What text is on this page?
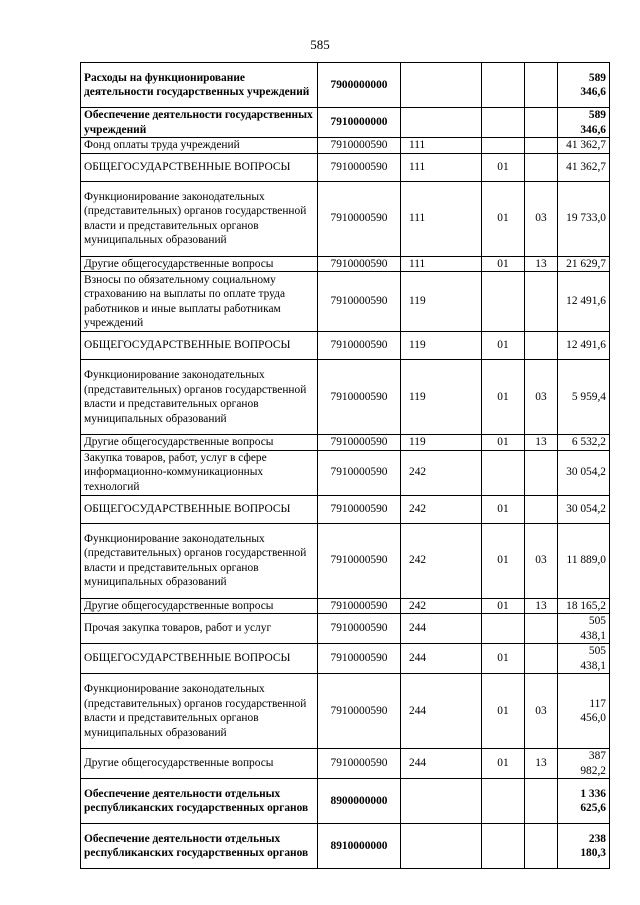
585
Расходы на функционирование деятельности государственных учреждений	7900000000				589 346,6
Обеспечение деятельности государственных учреждений	7910000000				589 346,6
Фонд оплаты труда учреждений	7910000590	111			41 362,7
ОБЩЕГОСУДАРСТВЕННЫЕ ВОПРОСЫ	7910000590	111	01		41 362,7
Функционирование законодательных (представительных) органов государственной власти и представительных органов муниципальных образований	7910000590	111	01	03	19 733,0
Другие общегосударственные вопросы	7910000590	111	01	13	21 629,7
Взносы по обязательному социальному страхованию на выплаты по оплате труда работников и иные выплаты работникам учреждений	7910000590	119			12 491,6
ОБЩЕГОСУДАРСТВЕННЫЕ ВОПРОСЫ	7910000590	119	01		12 491,6
Функционирование законодательных (представительных) органов государственной власти и представительных органов муниципальных образований	7910000590	119	01	03	5 959,4
Другие общегосударственные вопросы	7910000590	119	01	13	6 532,2
Закупка товаров, работ, услуг в сфере информационно-коммуникационных технологий	7910000590	242			30 054,2
ОБЩЕГОСУДАРСТВЕННЫЕ ВОПРОСЫ	7910000590	242	01		30 054,2
Функционирование законодательных (представительных) органов государственной власти и представительных органов муниципальных образований	7910000590	242	01	03	11 889,0
Другие общегосударственные вопросы	7910000590	242	01	13	18 165,2
Прочая закупка товаров, работ и услуг	7910000590	244			505 438,1
ОБЩЕГОСУДАРСТВЕННЫЕ ВОПРОСЫ	7910000590	244	01		505 438,1
Функционирование законодательных (представительных) органов государственной власти и представительных органов муниципальных образований	7910000590	244	01	03	117 456,0
Другие общегосударственные вопросы	7910000590	244	01	13	387 982,2
Обеспечение деятельности отдельных республиканских государственных органов	8900000000				1 336 625,6
Обеспечение деятельности отдельных республиканских государственных органов	8910000000				238 180,3
